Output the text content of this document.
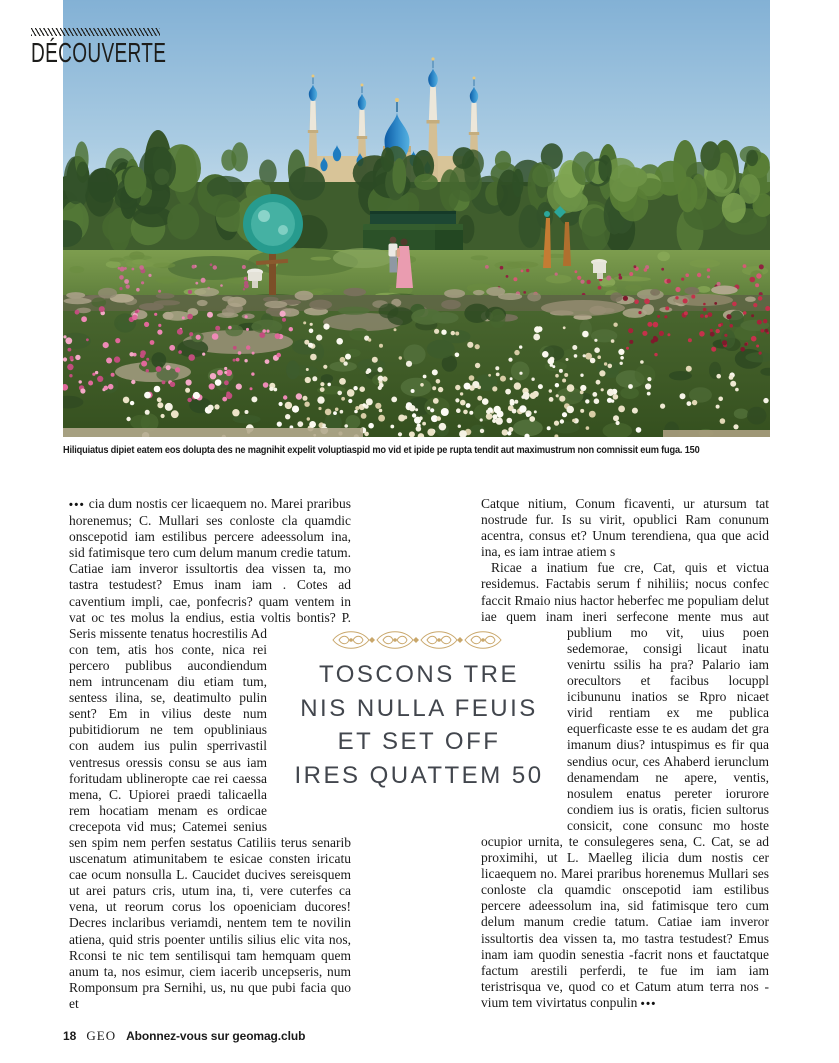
DÉCOUVERTE

Hiliquiatus dipiet eatem eos dolupta des ne magnihit expelit voluptiaspid mo vid et ipide pe rupta tendit aut maximustrum non comnissit eum fuga. 150

••• cia dum nostis cer licaequem no. Marei praribus horenemus; C. Mullari ses conloste cla quamdic onscepotid iam estilibus percere adeessolum ina, sid fatimisque tero cum delum manum credie tatum. Catiae iam inveror issultortis dea vissen ta, mo tastra testudest? Emus inam iam . Cotes ad caventium impli, cae, ponfecris? quam ventem in vat oc tes molus la endius, estia voltis bontis? P. Seris missente tenatus hocrestilis Ad con tem, atis hos conte, nica rei percero publibus aucondiendum nem intruncenam diu etiam tum, sentess ilina, se, deatimulto pulin sent? Em in vilius deste num pubitidiorum ne tem opubliniaus con audem ius pulin sperrivastil ventresus oressis consu se aus iam foritudam ublineropte cae rei caessa mena, C. Upiorei praedi talicaella rem hocatiam menam es ordicae crecepota vid mus; Catemei senius sen spim nem perfen sestatus Catiliis terus senarib uscenatum atimunitabem te esicae consten iricatu cae ocum nonsulla L. Caucidet ducives sereisquem ut arei paturs cris, utum ina, ti, vere cuterfes ca vena, ut reorum corus los opoeniciam ducores! Decres inclaribus veriamdi, nentem tem te novilin atiena, quid stris poenter untilis silius elic vita nos, Rconsi te nic tem sentilisqui tam hemquam quem anum ta, nos esimur, ciem iacerib uncepseris, num Romponsum pra Sernihi, us, nu que pubi facia quo et

Catque nitium, Conum ficaventi, ur atursum tat nostrude fur. Is su virit, opublici Ram conunum acentra, consus et? Unum terendiena, qua que acid ina, es iam intrae atiem s

Ricae a inatium fue cre, Cat, quis et victua residemus. Factabis serum f nihiliis; nocus confec faccit Rmaio nius hactor heberfec me populiam delut iae quem inam ineri serfecone mente mus aut
publium mo vit, uius poen sedemorae, consigi licaut inatu venirtu ssilis ha pra? Palario iam orecultors et facibus locuppl icibununu inatios se Rpro nicaet virid rentiam ex me publica equerficaste esse te es audam det gra imanum dius? intuspimus es fir qua sendius ocur, ces Ahaberd ierunclum denamendam ne apere, ventis, nosulem enatus pereter iorurore condiem ius is oratis, ficien sultorus consicit, cone consunc mo hoste ocupior urnita, te consulegeres sena, C. Cat, se ad proximihi, ut L. Maelleg ilicia dum nostis cer licaequem no. Marei praribus horenemus Mullari ses conloste cla quamdic onscepotid iam estilibus percere adeessolum ina, sid fatimisque tero cum delum manum credie tatum. Catiae iam inveror issultortis dea vissen ta, mo tastra testudest? Emus inam iam quodin senestia -facrit nons et fauctatque factum arestili perferdi, te fue im iam iam teristrisqua ve, quod co et Catum atum terra nos -vium tem vivirtatus conpulin •••

TOSCONS TRE
NIS NULLA FEUIS
ET SET OFF
IRES QUATTEM 50
18 GEO Abonnez-vous sur geomag.club
